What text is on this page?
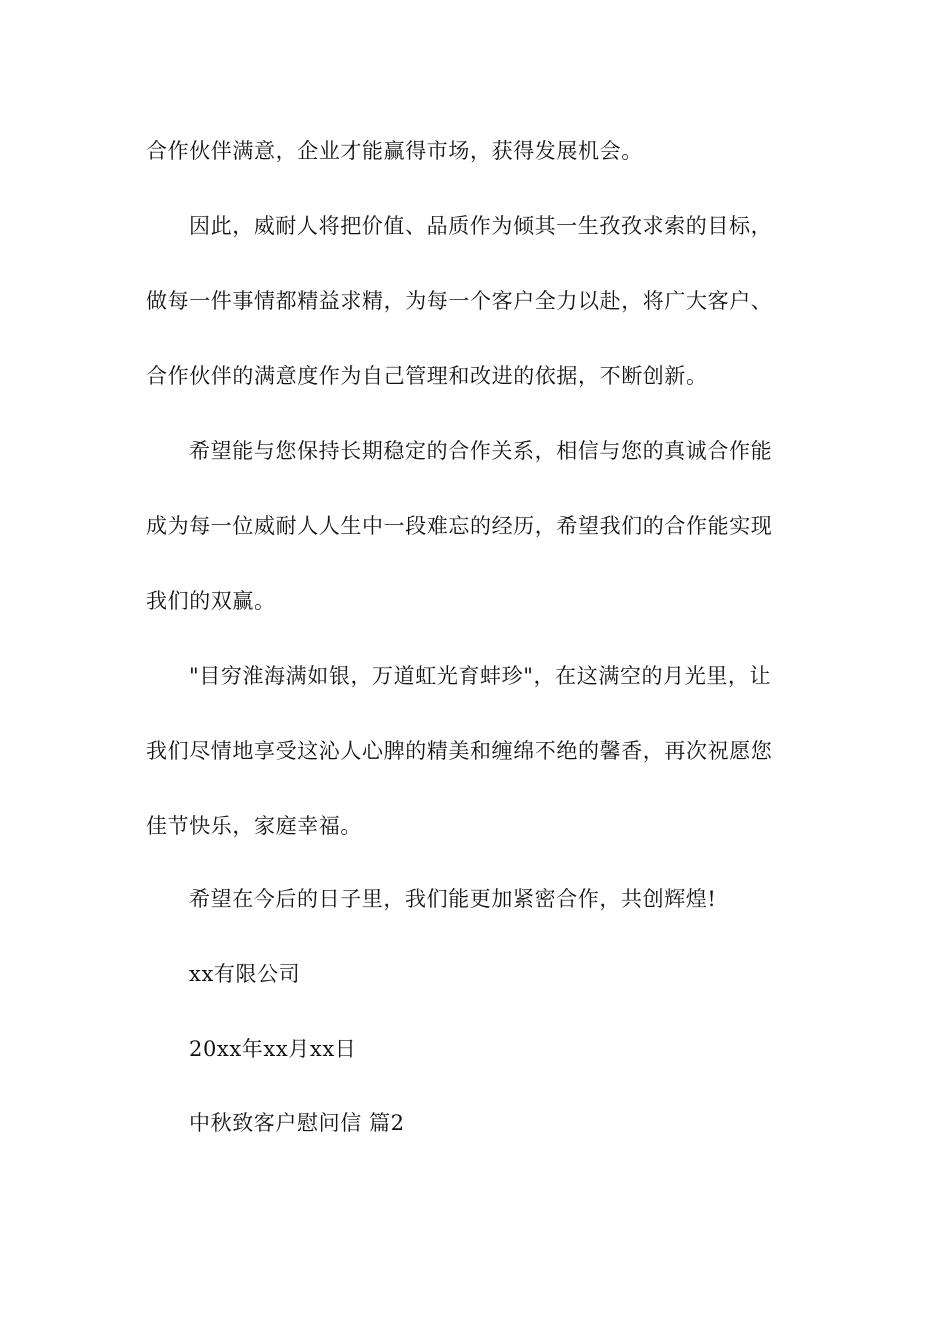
合作伙伴满意，企业才能赢得市场，获得发展机会。
因此，威耐人将把价值、品质作为倾其一生孜孜求索的目标，
做每一件事情都精益求精，为每一个客户全力以赴，将广大客户、
合作伙伴的满意度作为自己管理和改进的依据，不断创新。
希望能与您保持长期稳定的合作关系，相信与您的真诚合作能
成为每一位威耐人人生中一段难忘的经历，希望我们的合作能实现
我们的双赢。
"目穷淮海满如银，万道虹光育蚌珍"，在这满空的月光里，让
我们尽情地享受这沁人心脾的精美和缠绵不绝的馨香，再次祝愿您
佳节快乐，家庭幸福。
希望在今后的日子里，我们能更加紧密合作，共创辉煌!
xx有限公司
20xx年xx月xx日
中秋致客户慰问信 篇2
